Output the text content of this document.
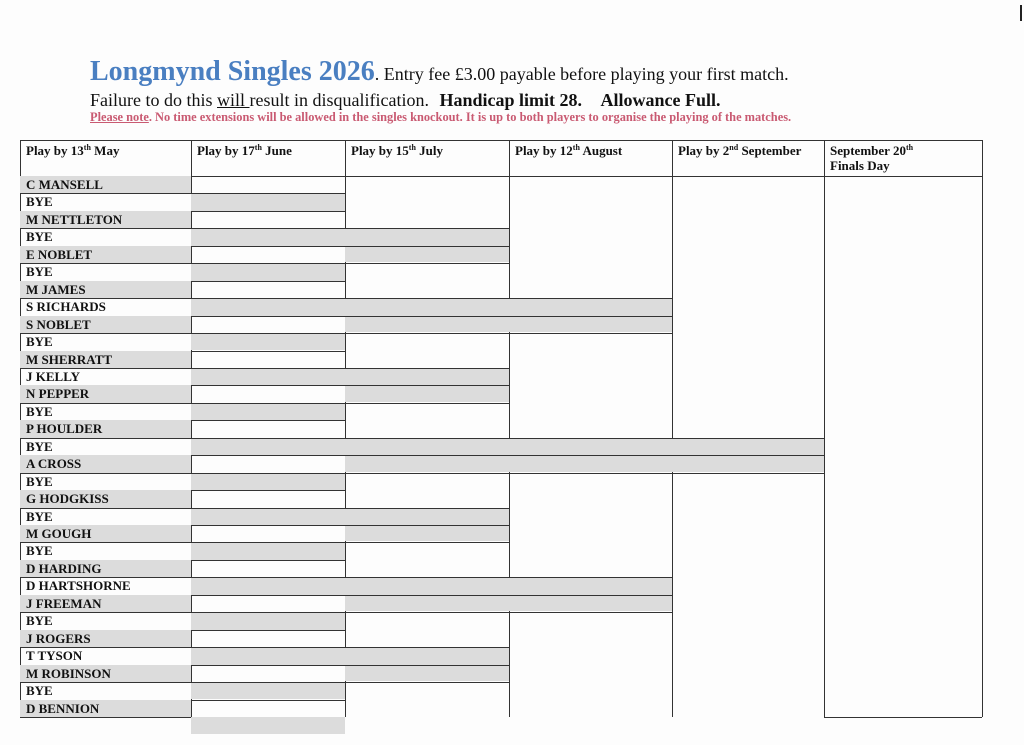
Longmynd Singles 2026. Entry fee £3.00 payable before playing your first match.
Failure to do this will result in disqualification. Handicap limit 28. Allowance Full.
Please note. No time extensions will be allowed in the singles knockout. It is up to both players to organise the playing of the matches.
Play by 13th May	Play by 17th June	Play by 15th July	Play by 12th August	Play by 2nd September	September 20th
Finals Day
C MANSELL
BYE
M NETTLETON
BYE
E NOBLET
BYE
M JAMES
S RICHARDS
S NOBLET
BYE
M SHERRATT
J KELLY
N PEPPER
BYE
P HOULDER
BYE
A CROSS
BYE
G HODGKISS
BYE
M GOUGH
BYE
D HARDING
D HARTSHORNE
J FREEMAN
BYE
J ROGERS
T TYSON
M ROBINSON
BYE
D BENNION
